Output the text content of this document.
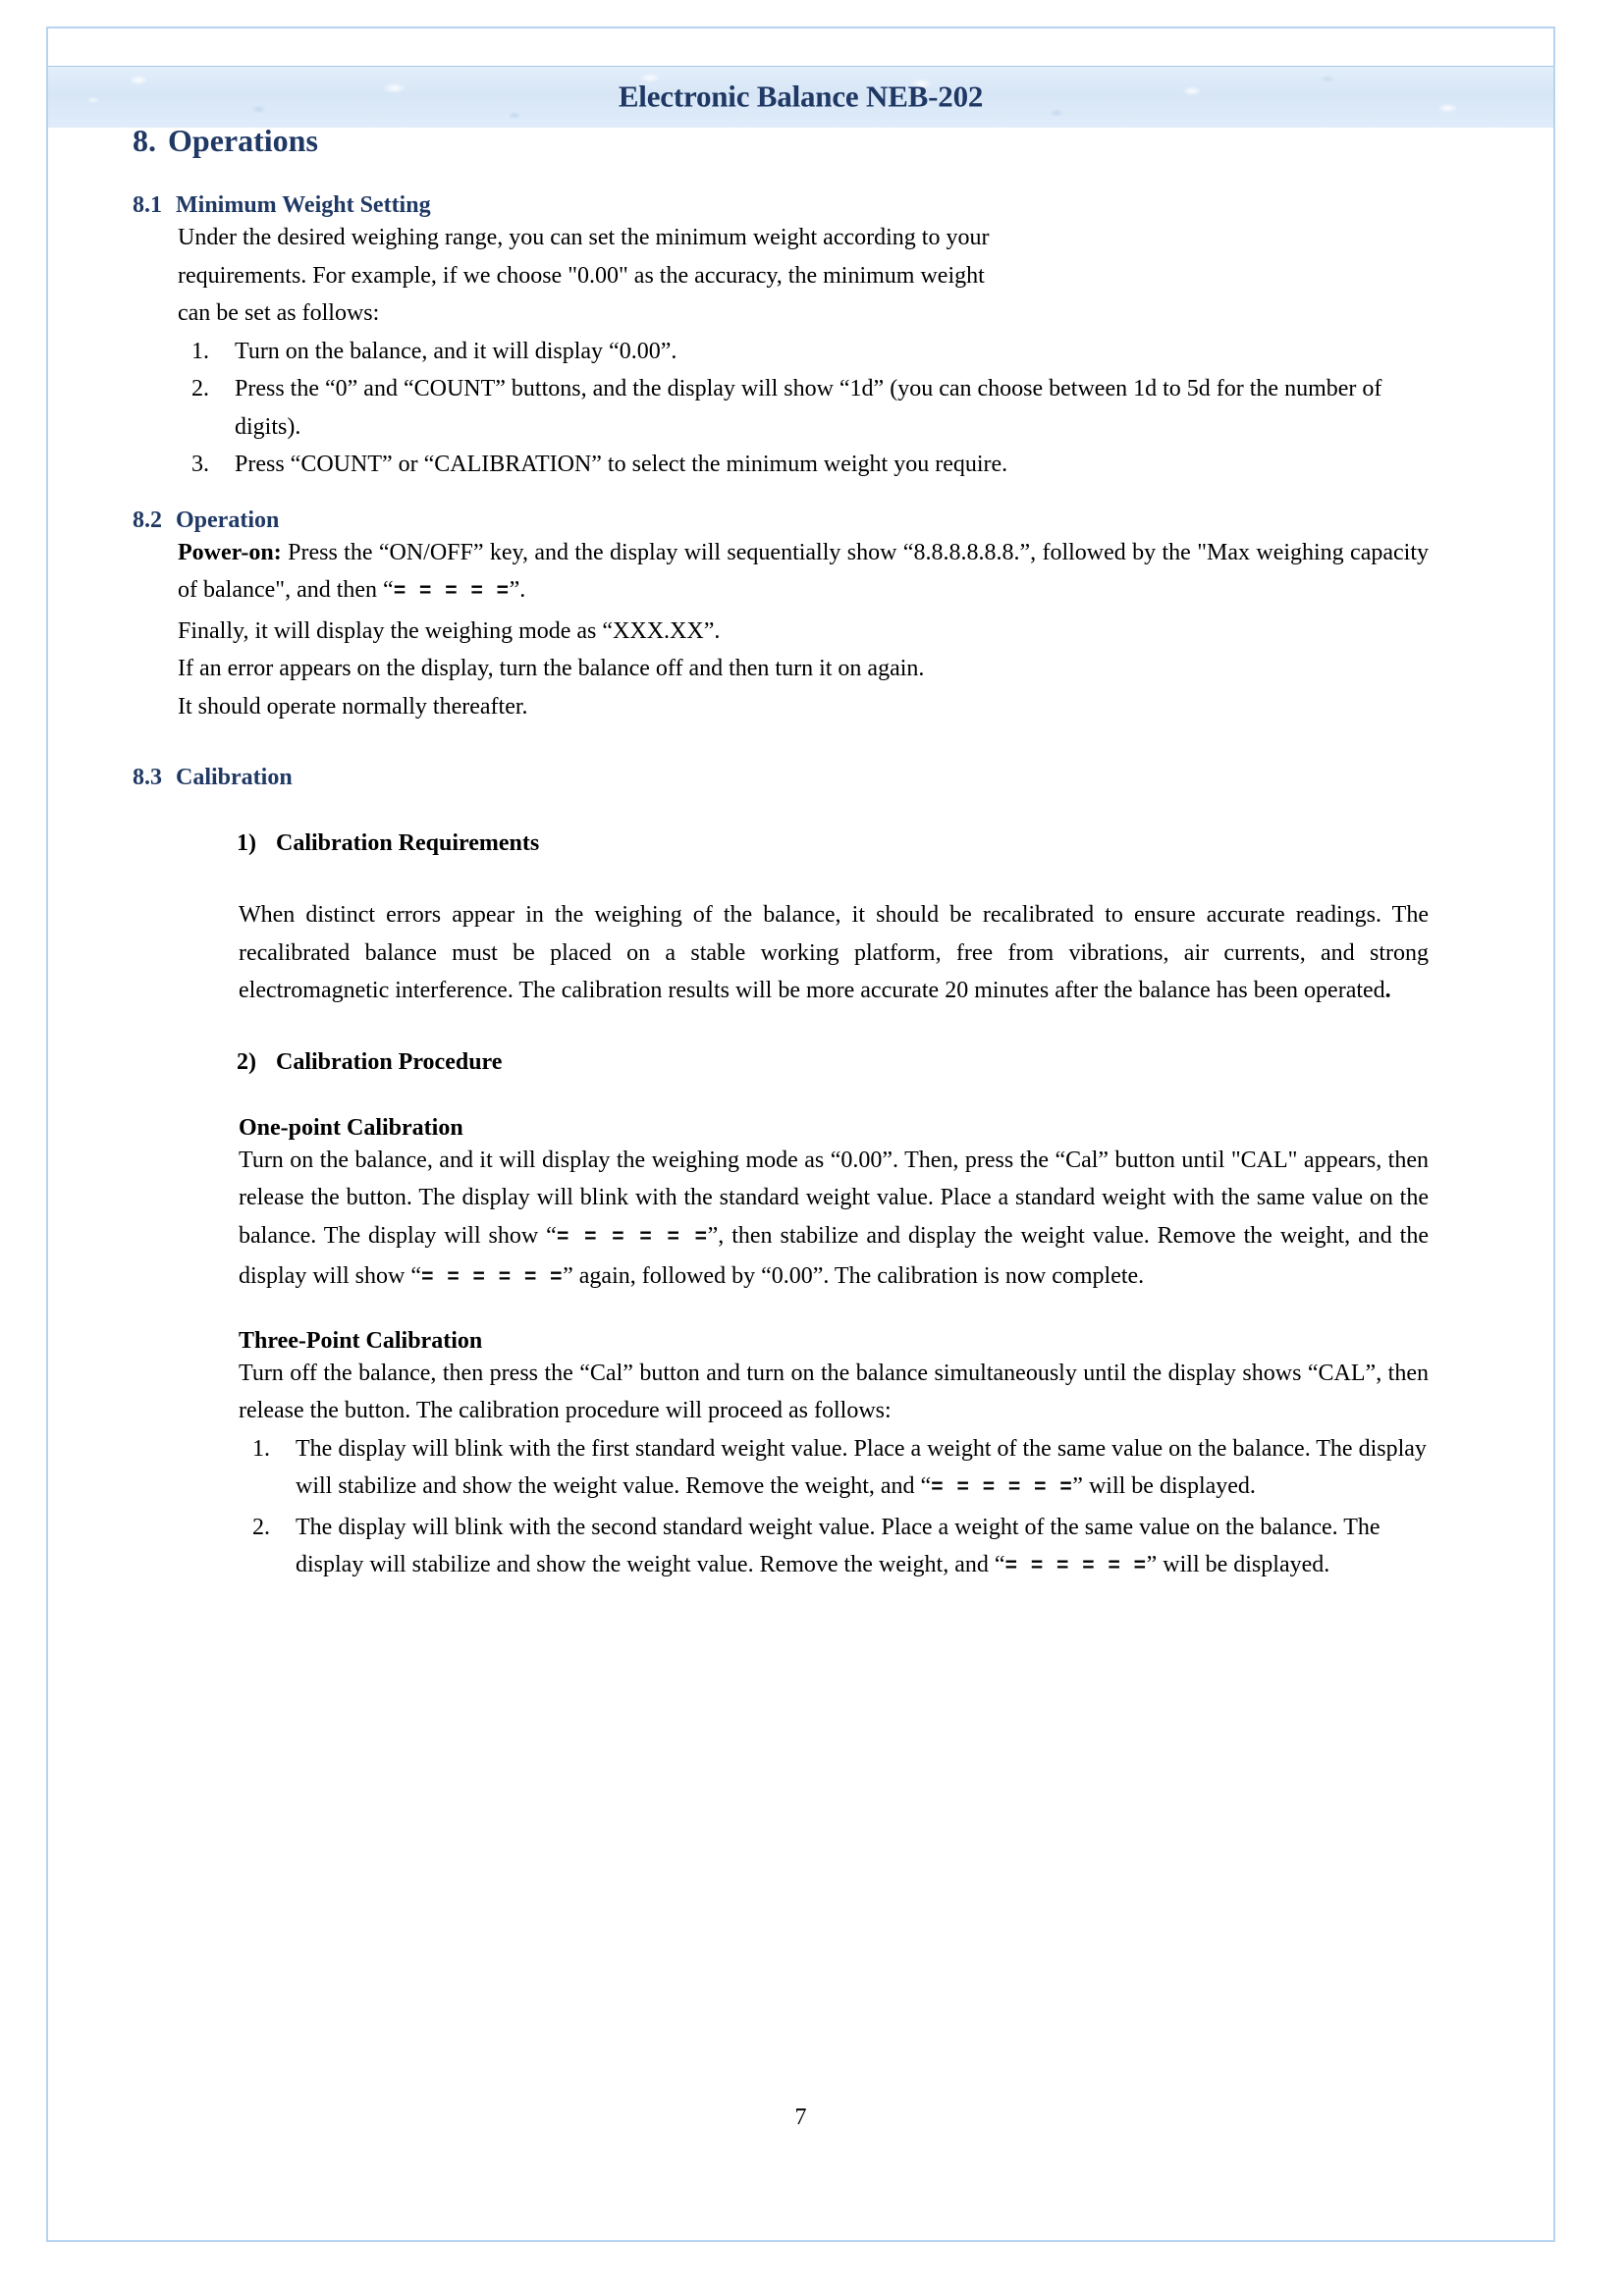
Electronic Balance NEB-202
8. Operations
8.1 Minimum Weight Setting
Under the desired weighing range, you can set the minimum weight according to your
requirements. For example, if we choose "0.00" as the accuracy, the minimum weight
can be set as follows:
1.	Turn on the balance, and it will display “0.00”.
2.	Press the “0” and “COUNT” buttons, and the display will show “1d” (you can choose between 1d to 5d for the number of digits).
3.	Press “COUNT” or “CALIBRATION” to select the minimum weight you require.
8.2 Operation
Power-on: Press the “ON/OFF” key, and the display will sequentially show “8.8.8.8.8.8.”, followed by the "Max weighing capacity of balance", and then “= = = = =”.
Finally, it will display the weighing mode as “XXX.XX”.
If an error appears on the display, turn the balance off and then turn it on again.
It should operate normally thereafter.
8.3 Calibration
1) Calibration Requirements
When distinct errors appear in the weighing of the balance, it should be recalibrated to ensure accurate readings. The recalibrated balance must be placed on a stable working platform, free from vibrations, air currents, and strong electromagnetic interference. The calibration results will be more accurate 20 minutes after the balance has been operated.
2) Calibration Procedure
One-point Calibration
Turn on the balance, and it will display the weighing mode as “0.00”. Then, press the “Cal” button until "CAL" appears, then release the button. The display will blink with the standard weight value. Place a standard weight with the same value on the balance. The display will show “= = = = = =”, then stabilize and display the weight value. Remove the weight, and the display will show “= = = = = =” again, followed by “0.00”. The calibration is now complete.
Three-Point Calibration
Turn off the balance, then press the “Cal” button and turn on the balance simultaneously until the display shows “CAL”, then release the button. The calibration procedure will proceed as follows:
1.	The display will blink with the first standard weight value. Place a weight of the same value on the balance. The display will stabilize and show the weight value. Remove the weight, and “= = = = = =” will be displayed.
2.	The display will blink with the second standard weight value. Place a weight of the same value on the balance. The display will stabilize and show the weight value. Remove the weight, and “= = = = = =” will be displayed.
7
